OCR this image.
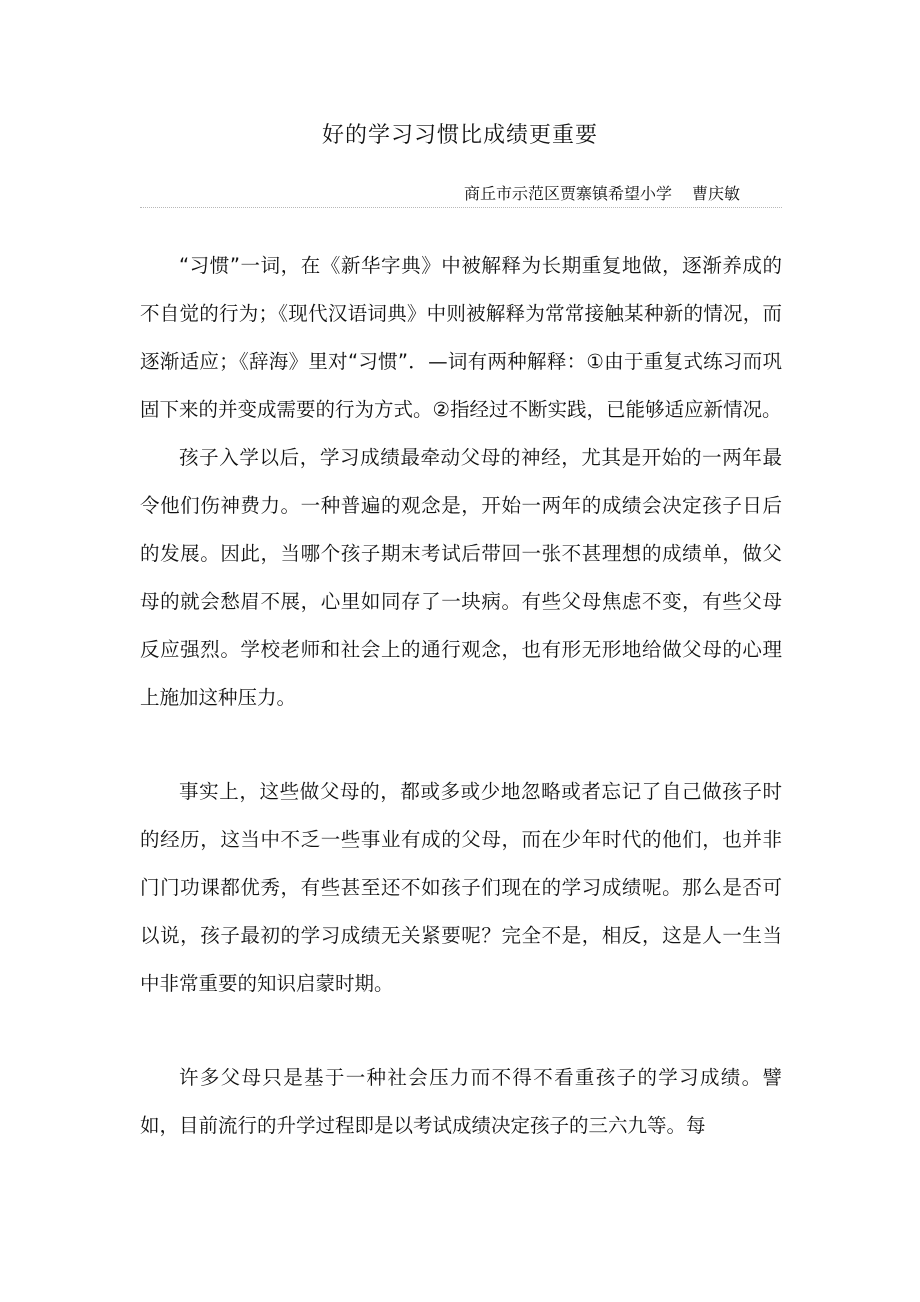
好的学习习惯比成绩更重要
商丘市示范区贾寨镇希望小学 曹庆敏

“习惯”一词，在《新华字典》中被解释为长期重复地做，逐渐养成的不自觉的行为；《现代汉语词典》中则被解释为常常接触某种新的情况，而逐渐适应；《辞海》里对“习惯”．—词有两种解释：①由于重复式练习而巩固下来的并变成需要的行为方式。②指经过不断实践，已能够适应新情况。

孩子入学以后，学习成绩最牵动父母的神经，尤其是开始的一两年最令他们伤神费力。一种普遍的观念是，开始一两年的成绩会决定孩子日后的发展。因此，当哪个孩子期末考试后带回一张不甚理想的成绩单，做父母的就会愁眉不展，心里如同存了一块病。有些父母焦虑不变，有些父母反应强烈。学校老师和社会上的通行观念，也有形无形地给做父母的心理上施加这种压力。

事实上，这些做父母的，都或多或少地忽略或者忘记了自己做孩子时的经历，这当中不乏一些事业有成的父母，而在少年时代的他们，也并非门门功课都优秀，有些甚至还不如孩子们现在的学习成绩呢。那么是否可以说，孩子最初的学习成绩无关紧要呢？完全不是，相反，这是人一生当中非常重要的知识启蒙时期。

许多父母只是基于一种社会压力而不得不看重孩子的学习成绩。譬如，目前流行的升学过程即是以考试成绩决定孩子的三六九等。每
